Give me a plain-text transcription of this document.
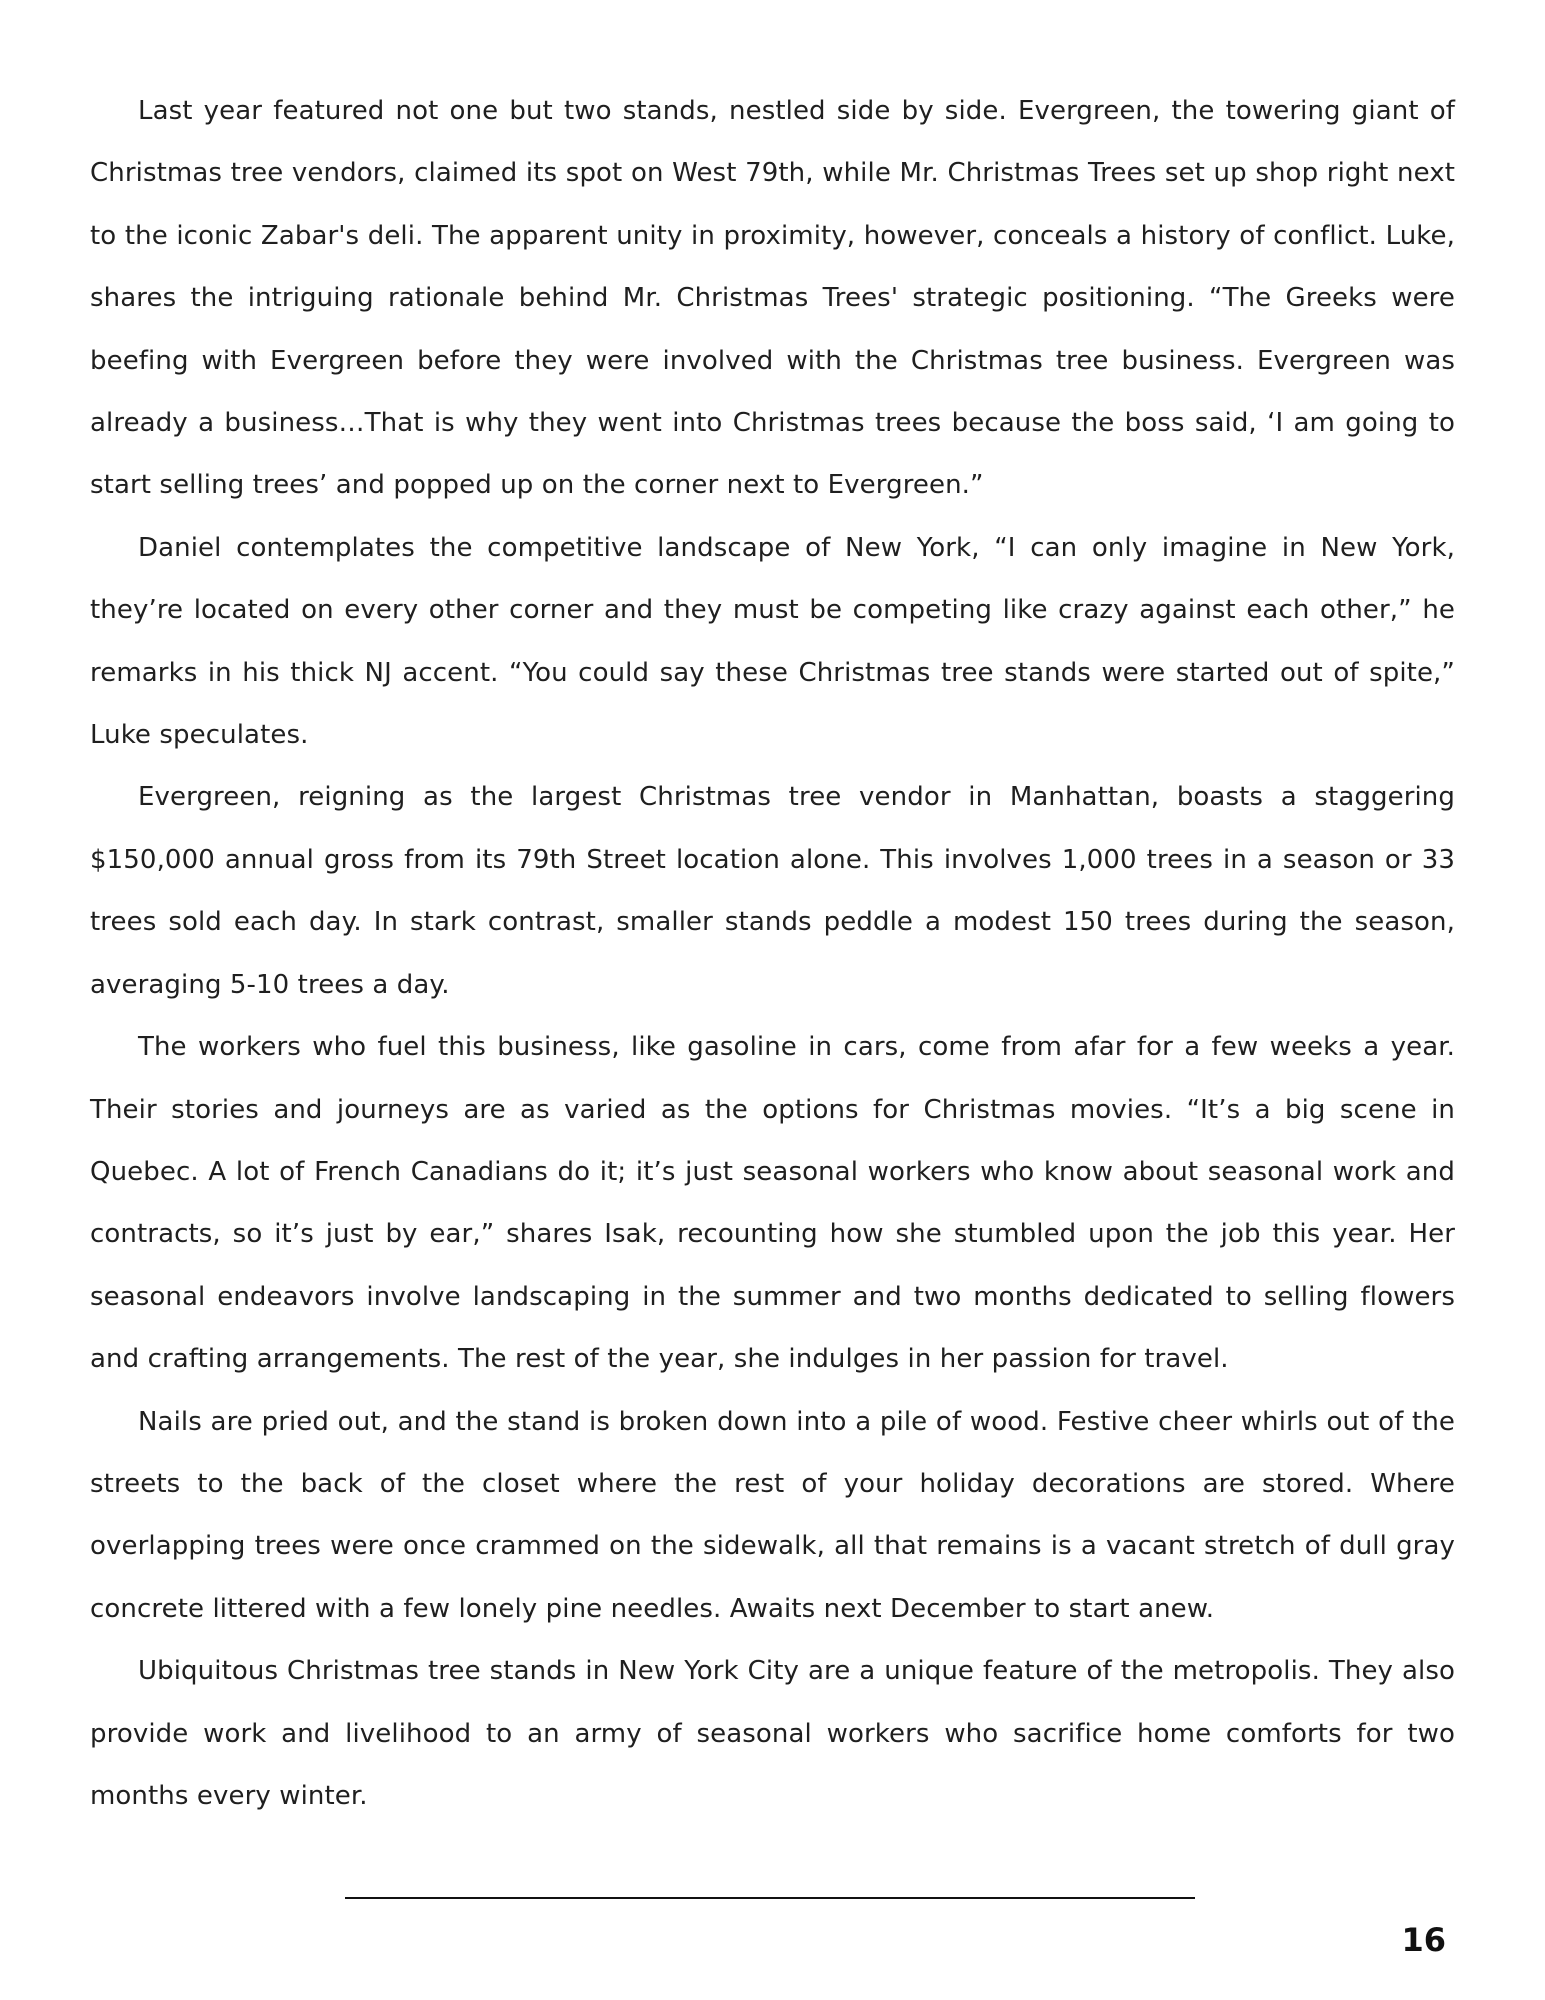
Last year featured not one but two stands, nestled side by side. Evergreen, the towering giant of Christmas tree vendors, claimed its spot on West 79th, while Mr. Christmas Trees set up shop right next to the iconic Zabar's deli. The apparent unity in proximity, however, conceals a history of conflict. Luke, shares the intriguing rationale behind Mr. Christmas Trees' strategic positioning. “The Greeks were beefing with Evergreen before they were involved with the Christmas tree business. Evergreen was already a business…That is why they went into Christmas trees because the boss said, ‘I am going to start selling trees’ and popped up on the corner next to Evergreen.”

Daniel contemplates the competitive landscape of New York, “I can only imagine in New York, they’re located on every other corner and they must be competing like crazy against each other,” he remarks in his thick NJ accent. “You could say these Christmas tree stands were started out of spite,” Luke speculates.

Evergreen, reigning as the largest Christmas tree vendor in Manhattan, boasts a staggering $150,000 annual gross from its 79th Street location alone. This involves 1,000 trees in a season or 33 trees sold each day. In stark contrast, smaller stands peddle a modest 150 trees during the season, averaging 5-10 trees a day.

The workers who fuel this business, like gasoline in cars, come from afar for a few weeks a year. Their stories and journeys are as varied as the options for Christmas movies. “It’s a big scene in Quebec. A lot of French Canadians do it; it’s just seasonal workers who know about seasonal work and contracts, so it’s just by ear,” shares Isak, recounting how she stumbled upon the job this year. Her seasonal endeavors involve landscaping in the summer and two months dedicated to selling flowers and crafting arrangements. The rest of the year, she indulges in her passion for travel.

Nails are pried out, and the stand is broken down into a pile of wood. Festive cheer whirls out of the streets to the back of the closet where the rest of your holiday decorations are stored. Where overlapping trees were once crammed on the sidewalk, all that remains is a vacant stretch of dull gray concrete littered with a few lonely pine needles. Awaits next December to start anew.

Ubiquitous Christmas tree stands in New York City are a unique feature of the metropolis. They also provide work and livelihood to an army of seasonal workers who sacrifice home comforts for two months every winter.

16
